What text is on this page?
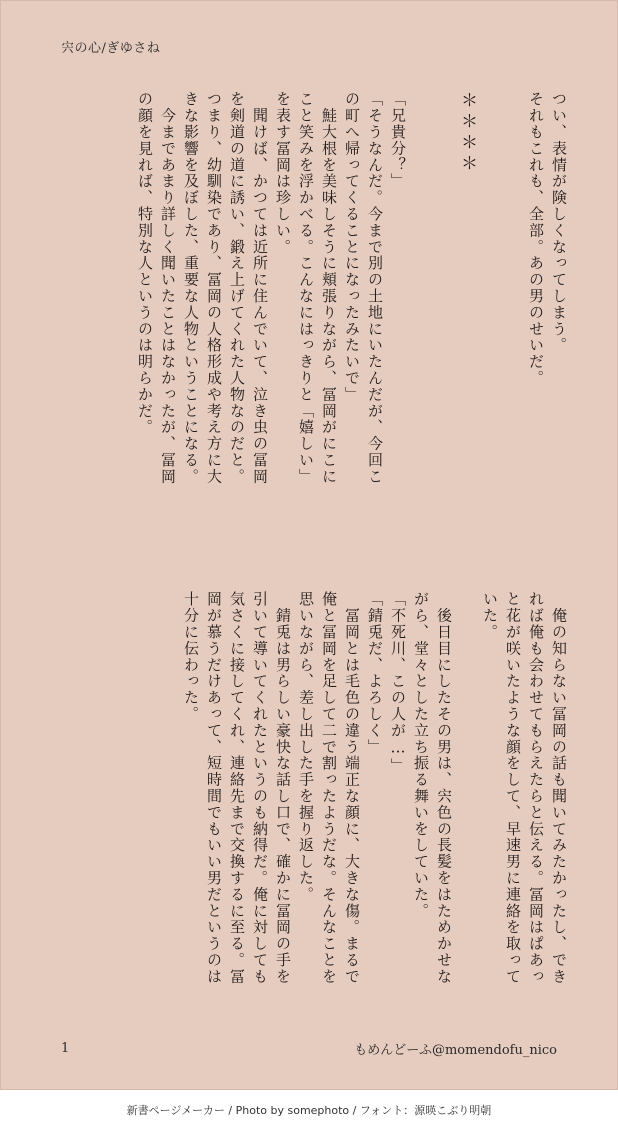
宍の心/ぎゆさね
つい、表情が険しくなってしまう。
それもこれも、全部。あの男のせいだ。
＊＊＊＊
「兄貴分？」
「そうなんだ。今まで別の土地にいたんだが、今回こ
の町へ帰ってくることになったみたいで」
　鮭大根を美味しそうに頬張りながら、冨岡がにこに
こと笑みを浮かべる。こんなにはっきりと「嬉しい」
を表す冨岡は珍しい。
　聞けば、かつては近所に住んでいて、泣き虫の冨岡
を剣道の道に誘い、鍛え上げてくれた人物なのだと。
つまり、幼馴染であり、冨岡の人格形成や考え方に大
きな影響を及ぼした、重要な人物ということになる。
　今まであまり詳しく聞いたことはなかったが、冨岡
の顔を見れば、特別な人というのは明らかだ。
　俺の知らない冨岡の話も聞いてみたかったし、でき
れば俺も会わせてもらえたらと伝える。冨岡はぱあっ
と花が咲いたような顔をして、早速男に連絡を取って
いた。
　後日目にしたその男は、宍色の長髪をはためかせな
がら、堂々とした立ち振る舞いをしていた。
「不死川、この人が…」
「錆兎だ、よろしく」
　冨岡とは毛色の違う端正な顔に、大きな傷。まるで
俺と冨岡を足して二で割ったようだな。そんなことを
思いながら、差し出した手を握り返した。
　錆兎は男らしい豪快な話し口で、確かに冨岡の手を
引いて導いてくれたというのも納得だ。俺に対しても
気さくに接してくれ、連絡先まで交換するに至る。冨
岡が慕うだけあって、短時間でもいい男だというのは
十分に伝わった。
1	もめんどーふ@momendofu_nico
新書ページメーカー / Photo by somephoto / フォント：源暎こぶり明朝
